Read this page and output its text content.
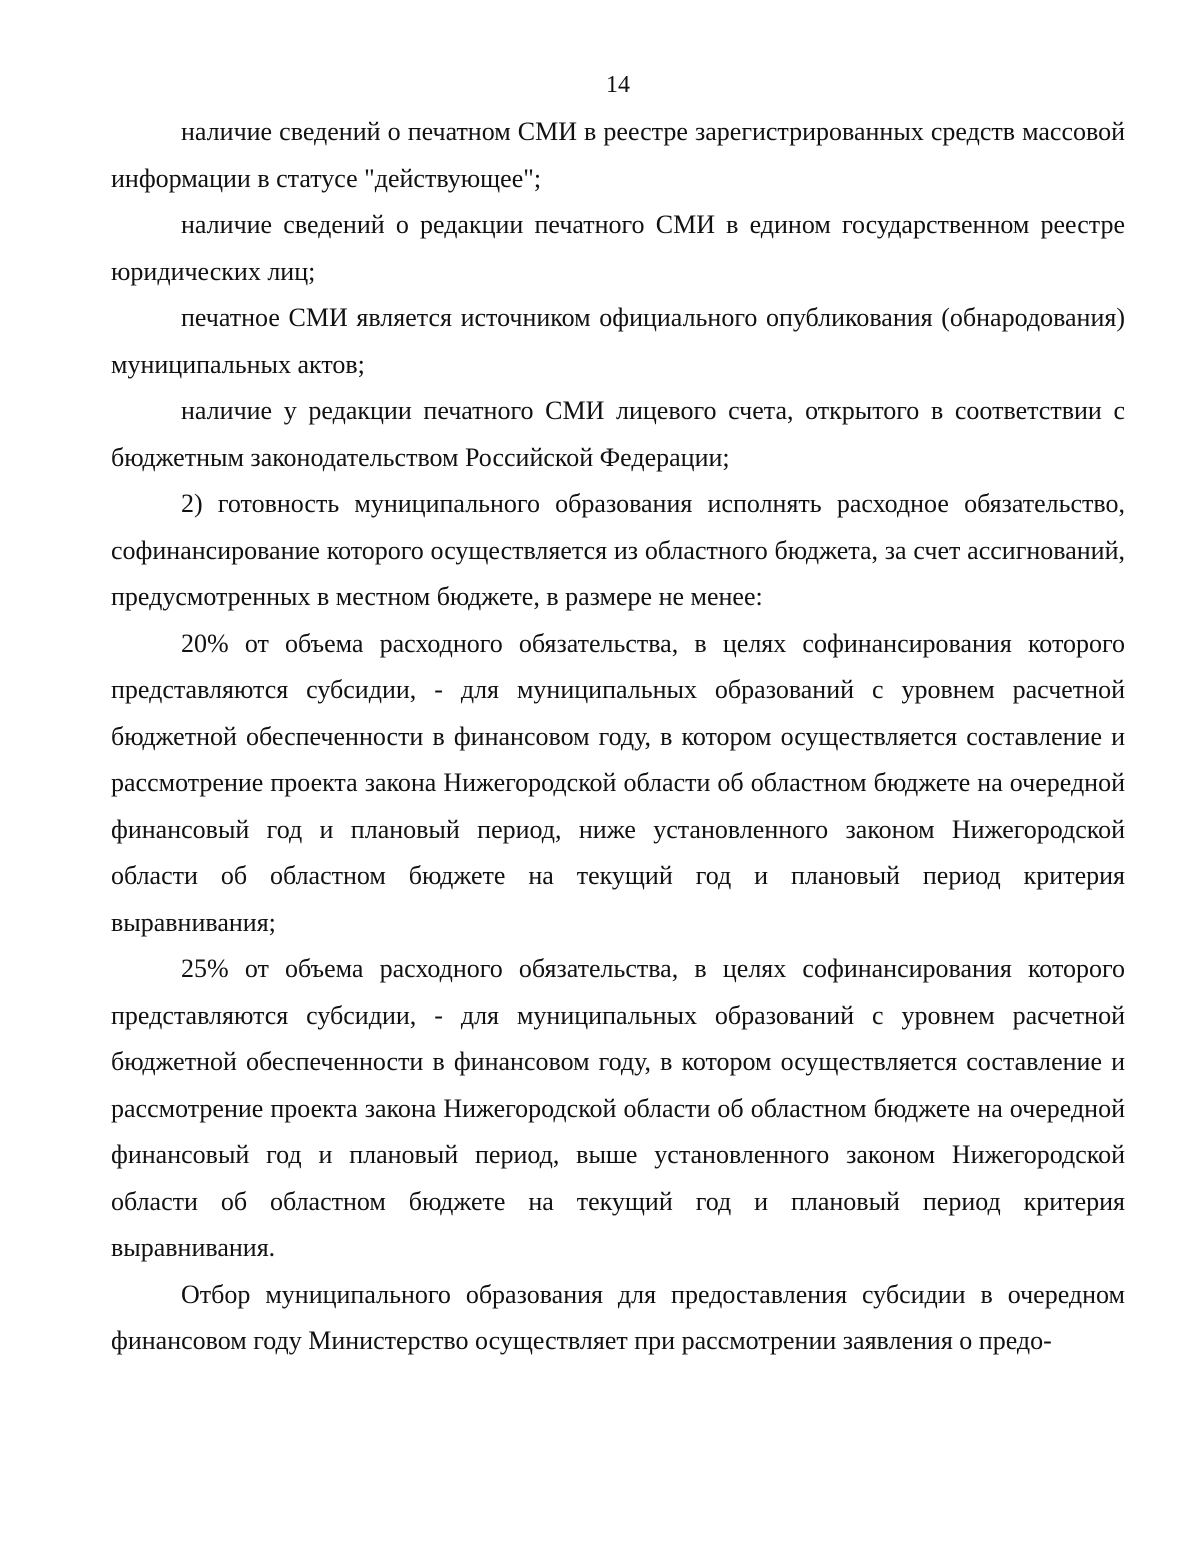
14

наличие сведений о печатном СМИ в реестре зарегистрированных средств массовой информации в статусе "действующее";

наличие сведений о редакции печатного СМИ в едином государственном реестре юридических лиц;

печатное СМИ является источником официального опубликования (обнародования) муниципальных актов;

наличие у редакции печатного СМИ лицевого счета, открытого в соответствии с бюджетным законодательством Российской Федерации;

2) готовность муниципального образования исполнять расходное обязательство, софинансирование которого осуществляется из областного бюджета, за счет ассигнований, предусмотренных в местном бюджете, в размере не менее:

20% от объема расходного обязательства, в целях софинансирования которого представляются субсидии, - для муниципальных образований с уровнем расчетной бюджетной обеспеченности в финансовом году, в котором осуществляется составление и рассмотрение проекта закона Нижегородской области об областном бюджете на очередной финансовый год и плановый период, ниже установленного законом Нижегородской области об областном бюджете на текущий год и плановый период критерия выравнивания;

25% от объема расходного обязательства, в целях софинансирования которого представляются субсидии, - для муниципальных образований с уровнем расчетной бюджетной обеспеченности в финансовом году, в котором осуществляется составление и рассмотрение проекта закона Нижегородской области об областном бюджете на очередной финансовый год и плановый период, выше установленного законом Нижегородской области об областном бюджете на текущий год и плановый период критерия выравнивания.

Отбор муниципального образования для предоставления субсидии в очередном финансовом году Министерство осуществляет при рассмотрении заявления о предо-
